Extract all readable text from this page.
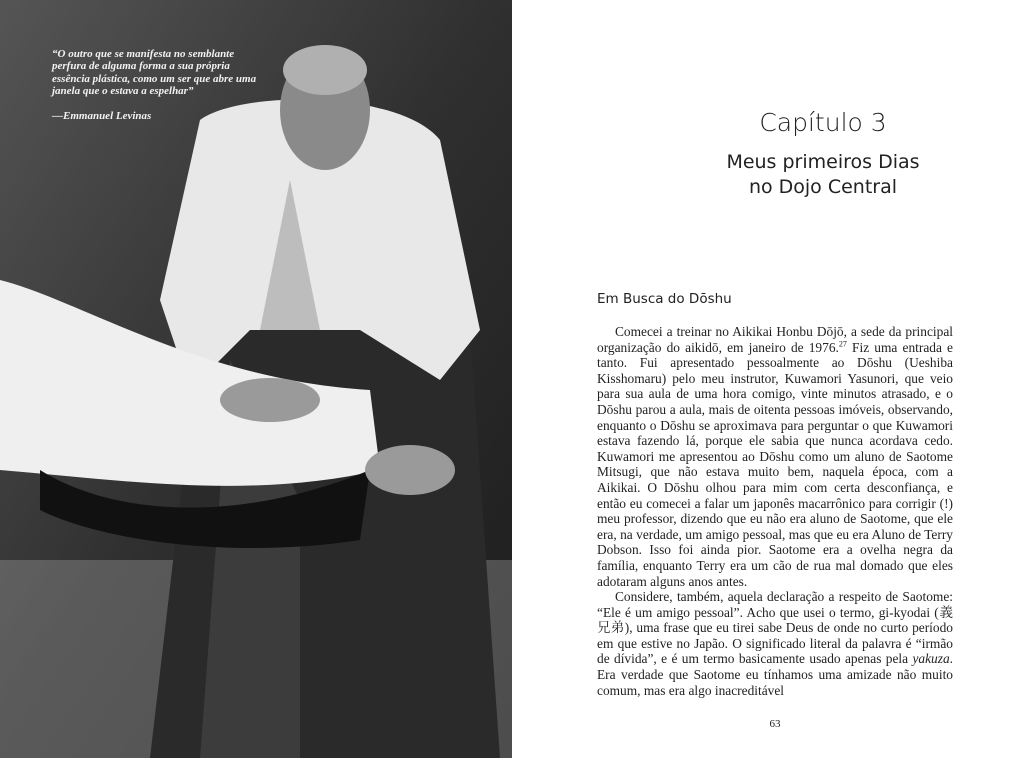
“O outro que se manifesta no semblante perfura de alguma forma a sua própria essência plástica, como um ser que abre uma janela que o estava a espelhar”
—Emmanuel Levinas	Capítulo 3
Meus primeiros Dias
no Dojo Central
Em Busca do Dōshu

Comecei a treinar no Aikikai Honbu Dōjō, a sede da principal organização do aikidō, em janeiro de 1976.27 Fiz uma entrada e tanto. Fui apresentado pessoalmente ao Dōshu (Ueshiba Kisshomaru) pelo meu instrutor, Kuwamori Yasunori, que veio para sua aula de uma hora comigo, vinte minutos atrasado, e o Dōshu parou a aula, mais de oitenta pessoas imóveis, observando, enquanto o Dōshu se aproximava para perguntar o que Kuwamori estava fazendo lá, porque ele sabia que nunca acordava cedo. Kuwamori me apresentou ao Dōshu como um aluno de Saotome Mitsugi, que não estava muito bem, naquela época, com a Aikikai. O Dōshu olhou para mim com certa desconfiança, e então eu comecei a falar um japonês macarrônico para corrigir (!) meu professor, dizendo que eu não era aluno de Saotome, que ele era, na verdade, um amigo pessoal, mas que eu era Aluno de Terry Dobson. Isso foi ainda pior. Saotome era a ovelha negra da família, enquanto Terry era um cão de rua mal domado que eles adotaram alguns anos antes.

Considere, também, aquela declaração a respeito de Saotome: “Ele é um amigo pessoal”. Acho que usei o termo, gi-kyodai (義兄弟), uma frase que eu tirei sabe Deus de onde no curto período em que estive no Japão. O significado literal da palavra é “irmão de dívida”, e é um termo basicamente usado apenas pela yakuza. Era verdade que Saotome eu tínhamos uma amizade não muito comum, mas era algo inacreditável

63
